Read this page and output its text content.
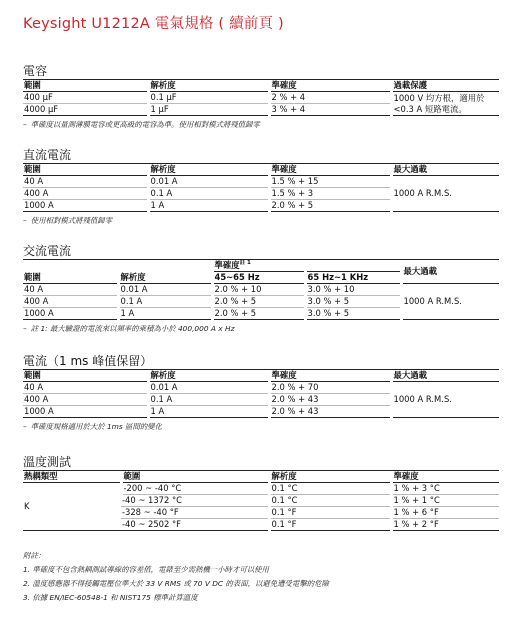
Keysight U1212A 電氣規格 ( 續前頁 )
電容
範圍	解析度	準確度	過載保護
400 µF	0.1 µF	2 % + 4	1000 V 均方根，適用於
<0.3 A 短路電流。

4000 µF	1 µF	3 % + 4	
– 準確度以量測薄膜電容或更高級的電容為準。使用相對模式將殘值歸零
直流電流
範圍	解析度	準確度	最大過載
40 A	0.01 A	1.5 % + 15	1000 A R.M.S.
400 A	0.1 A	1.5 % + 3	
1000 A	1 A	2.0 % + 5	
– 使用相對模式將殘值歸零
交流電流
		準確度$^{註 1}$		最大過載
範圍	解析度	45~65 Hz	65 Hz~1 KHz	
40 A	0.01 A	2.0 % + 10	3.0 % + 10	1000 A R.M.S.
400 A	0.1 A	2.0 % + 5	3.0 % + 5	
1000 A	1 A	2.0 % + 5	3.0 % + 5	
– 註 1: 最大驗證的電流來以頻率的乘積為小於 400,000 A x Hz
電流（1 ms 峰值保留）
範圍	解析度	準確度	最大過載
40 A	0.01 A	2.0 % + 70	1000 A R.M.S.
400 A	0.1 A	2.0 % + 43	
1000 A	1 A	2.0 % + 43	
– 準確度規格適用於大於 1ms 區間的變化
溫度測試
熱耦類型	範圍	解析度	準確度
K	-200 ~ -40 °C	0.1 °C	1 % + 3 °C
	-40 ~ 1372 °C	0.1 °C	1 % + 1 °C
	-328 ~ -40 °F	0.1 °F	1 % + 6 °F
	-40 ~ 2502 °F	0.1 °F	1 % + 2 °F
附註：
1. 準確度不包含熱耦測試導線的容差值，電錶至少需熱機一小時才可以使用
2. 溫度感應器不得接觸電壓位準大於 33 V RMS 或 70 V DC 的表面，以避免遭受電擊的危險
3. 依據 EN/IEC-60548-1 和 NIST175 標準計算溫度
